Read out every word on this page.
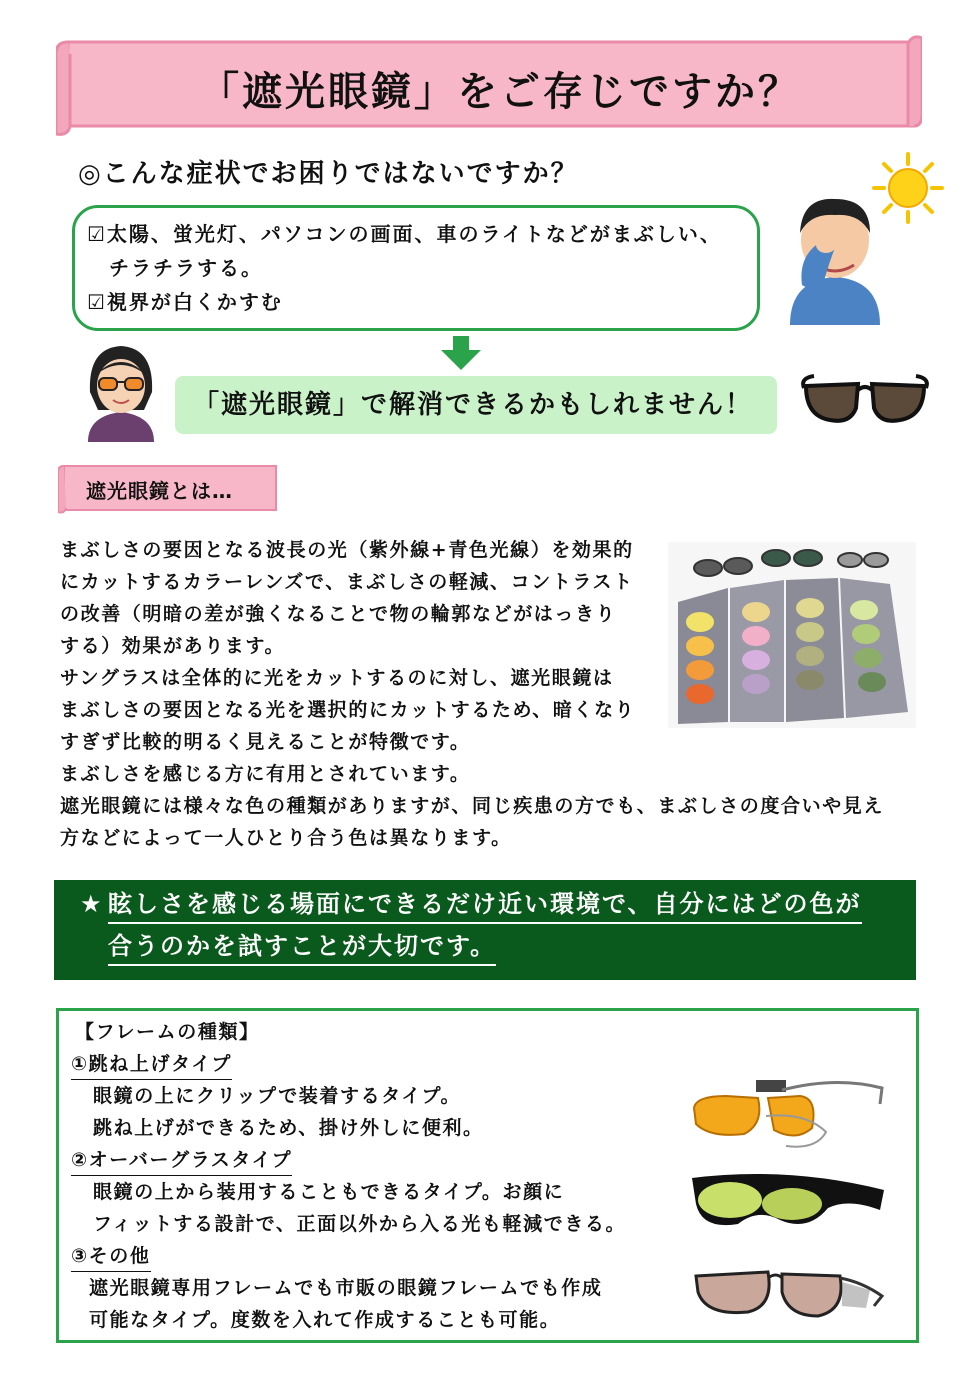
「遮光眼鏡」をご存じですか？
◎こんな症状でお困りではないですか？
☑太陽、蛍光灯、パソコンの画面、車のライトなどがまぶしい、
チラチラする。
☑視界が白くかすむ
「遮光眼鏡」で解消できるかもしれません！
遮光眼鏡とは…
まぶしさの要因となる波長の光（紫外線+青色光線）を効果的
にカットするカラーレンズで、まぶしさの軽減、コントラスト
の改善（明暗の差が強くなることで物の輪郭などがはっきり
する）効果があります。
サングラスは全体的に光をカットするのに対し、遮光眼鏡は
まぶしさの要因となる光を選択的にカットするため、暗くなり
すぎず比較的明るく見えることが特徴です。
まぶしさを感じる方に有用とされています。
遮光眼鏡には様々な色の種類がありますが、同じ疾患の方でも、まぶしさの度合いや見え
方などによって一人ひとり合う色は異なります。
★ 眩しさを感じる場面にできるだけ近い環境で、自分にはどの色が
合うのかを試すことが大切です。
【フレームの種類】
①跳ね上げタイプ
眼鏡の上にクリップで装着するタイプ。
跳ね上げができるため、掛け外しに便利。
②オーバーグラスタイプ
眼鏡の上から装用することもできるタイプ。お顔に
フィットする設計で、正面以外から入る光も軽減できる。
③その他
遮光眼鏡専用フレームでも市販の眼鏡フレームでも作成
可能なタイプ。度数を入れて作成することも可能。
